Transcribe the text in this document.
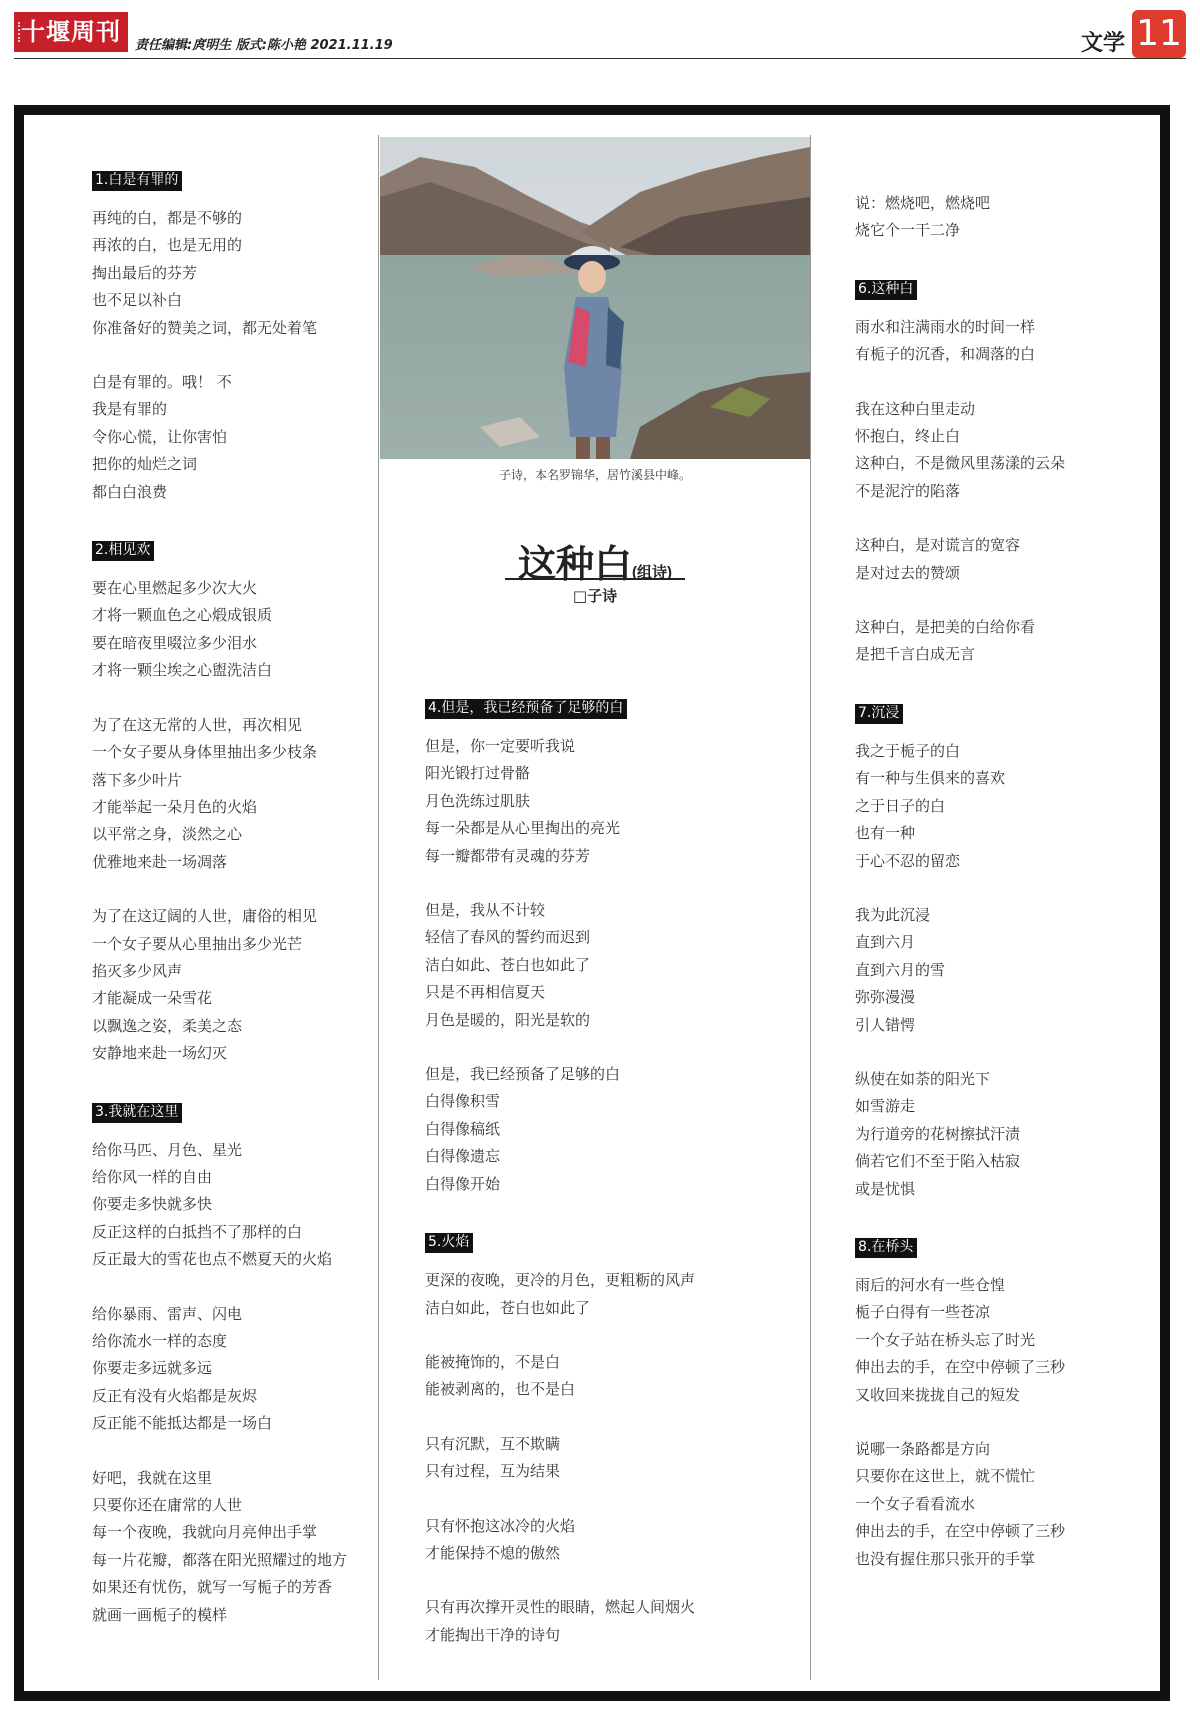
十堰周刊	责任编辑:庹明生 版式:陈小艳 2021.11.19	文学 11
子诗，本名罗锦华，居竹溪县中峰。
这种白(组诗)
□子诗
1.白是有罪的
再纯的白，都是不够的
再浓的白，也是无用的
掏出最后的芬芳
也不足以补白
你准备好的赞美之词，都无处着笔
白是有罪的。哦！ 不
我是有罪的
令你心慌，让你害怕
把你的灿烂之词
都白白浪费
2.相见欢
要在心里燃起多少次大火
才将一颗血色之心煅成银质
要在暗夜里啜泣多少泪水
才将一颗尘埃之心盥洗洁白
为了在这无常的人世，再次相见
一个女子要从身体里抽出多少枝条
落下多少叶片
才能举起一朵月色的火焰
以平常之身，淡然之心
优雅地来赴一场凋落
为了在这辽阔的人世，庸俗的相见
一个女子要从心里抽出多少光芒
掐灭多少风声
才能凝成一朵雪花
以飘逸之姿，柔美之态
安静地来赴一场幻灭
3.我就在这里
给你马匹、月色、星光
给你风一样的自由
你要走多快就多快
反正这样的白抵挡不了那样的白
反正最大的雪花也点不燃夏天的火焰
给你暴雨、雷声、闪电
给你流水一样的态度
你要走多远就多远
反正有没有火焰都是灰烬
反正能不能抵达都是一场白
好吧，我就在这里
只要你还在庸常的人世
每一个夜晚，我就向月亮伸出手掌
每一片花瓣，都落在阳光照耀过的地方
如果还有忧伤，就写一写栀子的芳香
就画一画栀子的模样
4.但是，我已经预备了足够的白
但是，你一定要听我说
阳光锻打过骨骼
月色洗练过肌肤
每一朵都是从心里掏出的亮光
每一瓣都带有灵魂的芬芳
但是，我从不计较
轻信了春风的誓约而迟到
洁白如此、苍白也如此了
只是不再相信夏天
月色是暖的，阳光是软的
但是，我已经预备了足够的白
白得像积雪
白得像稿纸
白得像遗忘
白得像开始
5.火焰
更深的夜晚，更冷的月色，更粗粝的风声
洁白如此，苍白也如此了
能被掩饰的，不是白
能被剥离的，也不是白
只有沉默，互不欺瞒
只有过程，互为结果
只有怀抱这冰冷的火焰
才能保持不熄的傲然
只有再次撑开灵性的眼睛，燃起人间烟火
才能掏出干净的诗句
说：燃烧吧，燃烧吧
烧它个一干二净
6.这种白
雨水和注满雨水的时间一样
有栀子的沉香，和凋落的白
我在这种白里走动
怀抱白，终止白
这种白，不是微风里荡漾的云朵
不是泥泞的陷落
这种白，是对谎言的宽容
是对过去的赞颂
这种白，是把美的白给你看
是把千言白成无言
7.沉浸
我之于栀子的白
有一种与生俱来的喜欢
之于日子的白
也有一种
于心不忍的留恋
我为此沉浸
直到六月
直到六月的雪
弥弥漫漫
引人错愕
纵使在如荼的阳光下
如雪游走
为行道旁的花树擦拭汗渍
倘若它们不至于陷入枯寂
或是忧惧
8.在桥头
雨后的河水有一些仓惶
栀子白得有一些苍凉
一个女子站在桥头忘了时光
伸出去的手，在空中停顿了三秒
又收回来拢拢自己的短发
说哪一条路都是方向
只要你在这世上，就不慌忙
一个女子看看流水
伸出去的手，在空中停顿了三秒
也没有握住那只张开的手掌
